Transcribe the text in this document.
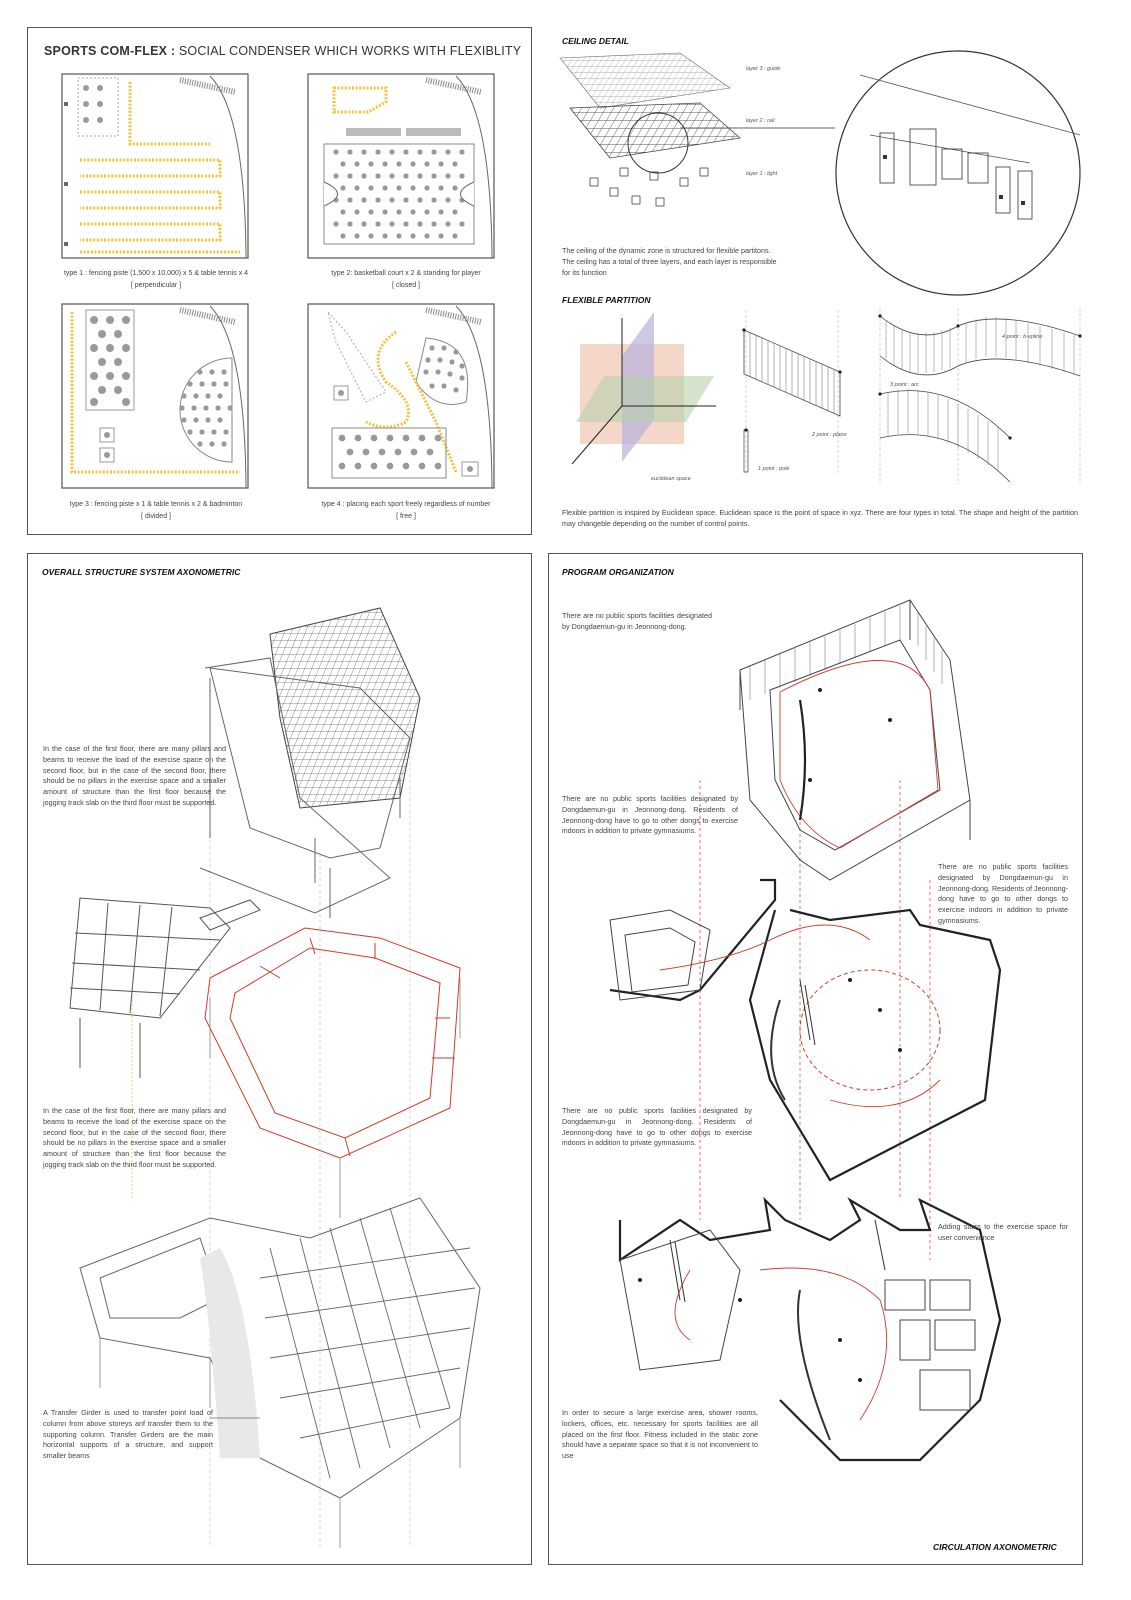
SPORTS COM-FLEX : SOCIAL CONDENSER WHICH WORKS WITH FLEXIBLITY
type 1 : fencing piste (1,500 x 10,000) x 5 & table tennis x 4
[ perpendicular ]
type 2: basketball court x 2 & standing for player
[ closed ]
type 3 : fencing piste x 1 & table tennis x 2 & badminton
[ divided ]
type 4 : placing each sport freely regardless of number
[ free ]
CEILING DETAIL
layer 3 : guide
layer 2 : rail
layer 1 : light
The ceiling of the dynamic zone is structured for flexible partitons.
The ceiling has a total of three layers, and each layer is responsible
for its function
FLEXIBLE PARTITION
euclidean space
1 point : pole
2 point : plane
3 point : arc
4 point : b-spline
Flexible partition is inspired by Euclidean space. Euclidean space is the point of space in xyz. There are four types in total. The shape and height of the partition may changeble depending on the number of control points.
OVERALL STRUCTURE SYSTEM AXONOMETRIC
In the case of the first floor, there are many pillars and beams to receive the load of the exercise space on the second floor, but in the case of the second floor, there should be no pillars in the exercise space and a smaller amount of structure than the first floor because the jogging track slab on the third floor must be supported.
In the case of the first floor, there are many pillars and beams to receive the load of the exercise space on the second floor, but in the case of the second floor, there should be no pillars in the exercise space and a smaller amount of structure than the first floor because the jogging track slab on the third floor must be supported.
A Transfer Girder is used to transfer point load of column from above storeys anf transfer them to the supporting column. Transfer Girders are the main horizontal supports of a structure, and support smaller beams
PROGRAM ORGANIZATION
There are no public sports facilities designated by Dongdaemun-gu in Jeonnong-dong.
There are no public sports facilities designated by Dongdaemun-gu in Jeonnong-dong. Residents of Jeonnong-dong have to go to other dongs to exercise indoors in addition to private gymnasiums.
There are no public sports facilities designated by Dongdaemun-gu in Jeonnong-dong. Residents of Jeonnong-dong have to go to other dongs to exercise indoors in addition to private gymnasiums.
There are no public sports facilities designated by Dongdaemun-gu in Jeonnong-dong. Residents of Jeonnong-dong have to go to other dongs to exercise indoors in addition to private gymnasiums.
Adding stairs to the exercise space for user convenience
In order to secure a large exercise area, shower rooms, lockers, offices, etc. necessary for sports facilities are all placed on the first floor. Fitness included in the static zone should have a separate space so that it is not inconvenient to use
CIRCULATION AXONOMETRIC
